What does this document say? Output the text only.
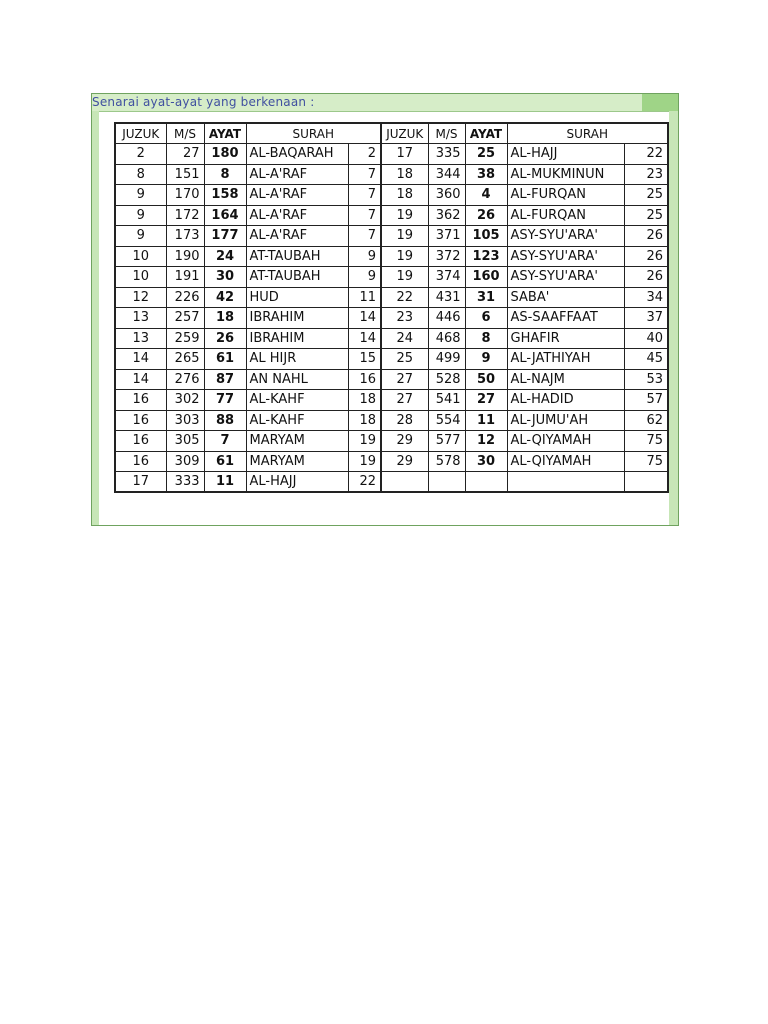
Senarai ayat-ayat yang berkenaan :
JUZUK	M/S	AYAT	SURAH		JUZUK	M/S	AYAT	SURAH	
2	27	180	AL-BAQARAH	2	17	335	25	AL-HAJJ	22
8	151	8	AL-A'RAF	7	18	344	38	AL-MUKMINUN	23
9	170	158	AL-A'RAF	7	18	360	4	AL-FURQAN	25
9	172	164	AL-A'RAF	7	19	362	26	AL-FURQAN	25
9	173	177	AL-A'RAF	7	19	371	105	ASY-SYU'ARA'	26
10	190	24	AT-TAUBAH	9	19	372	123	ASY-SYU'ARA'	26
10	191	30	AT-TAUBAH	9	19	374	160	ASY-SYU'ARA'	26
12	226	42	HUD	11	22	431	31	SABA'	34
13	257	18	IBRAHIM	14	23	446	6	AS-SAAFFAAT	37
13	259	26	IBRAHIM	14	24	468	8	GHAFIR	40
14	265	61	AL HIJR	15	25	499	9	AL-JATHIYAH	45
14	276	87	AN NAHL	16	27	528	50	AL-NAJM	53
16	302	77	AL-KAHF	18	27	541	27	AL-HADID	57
16	303	88	AL-KAHF	18	28	554	11	AL-JUMU'AH	62
16	305	7	MARYAM	19	29	577	12	AL-QIYAMAH	75
16	309	61	MARYAM	19	29	578	30	AL-QIYAMAH	75
17	333	11	AL-HAJJ	22					
